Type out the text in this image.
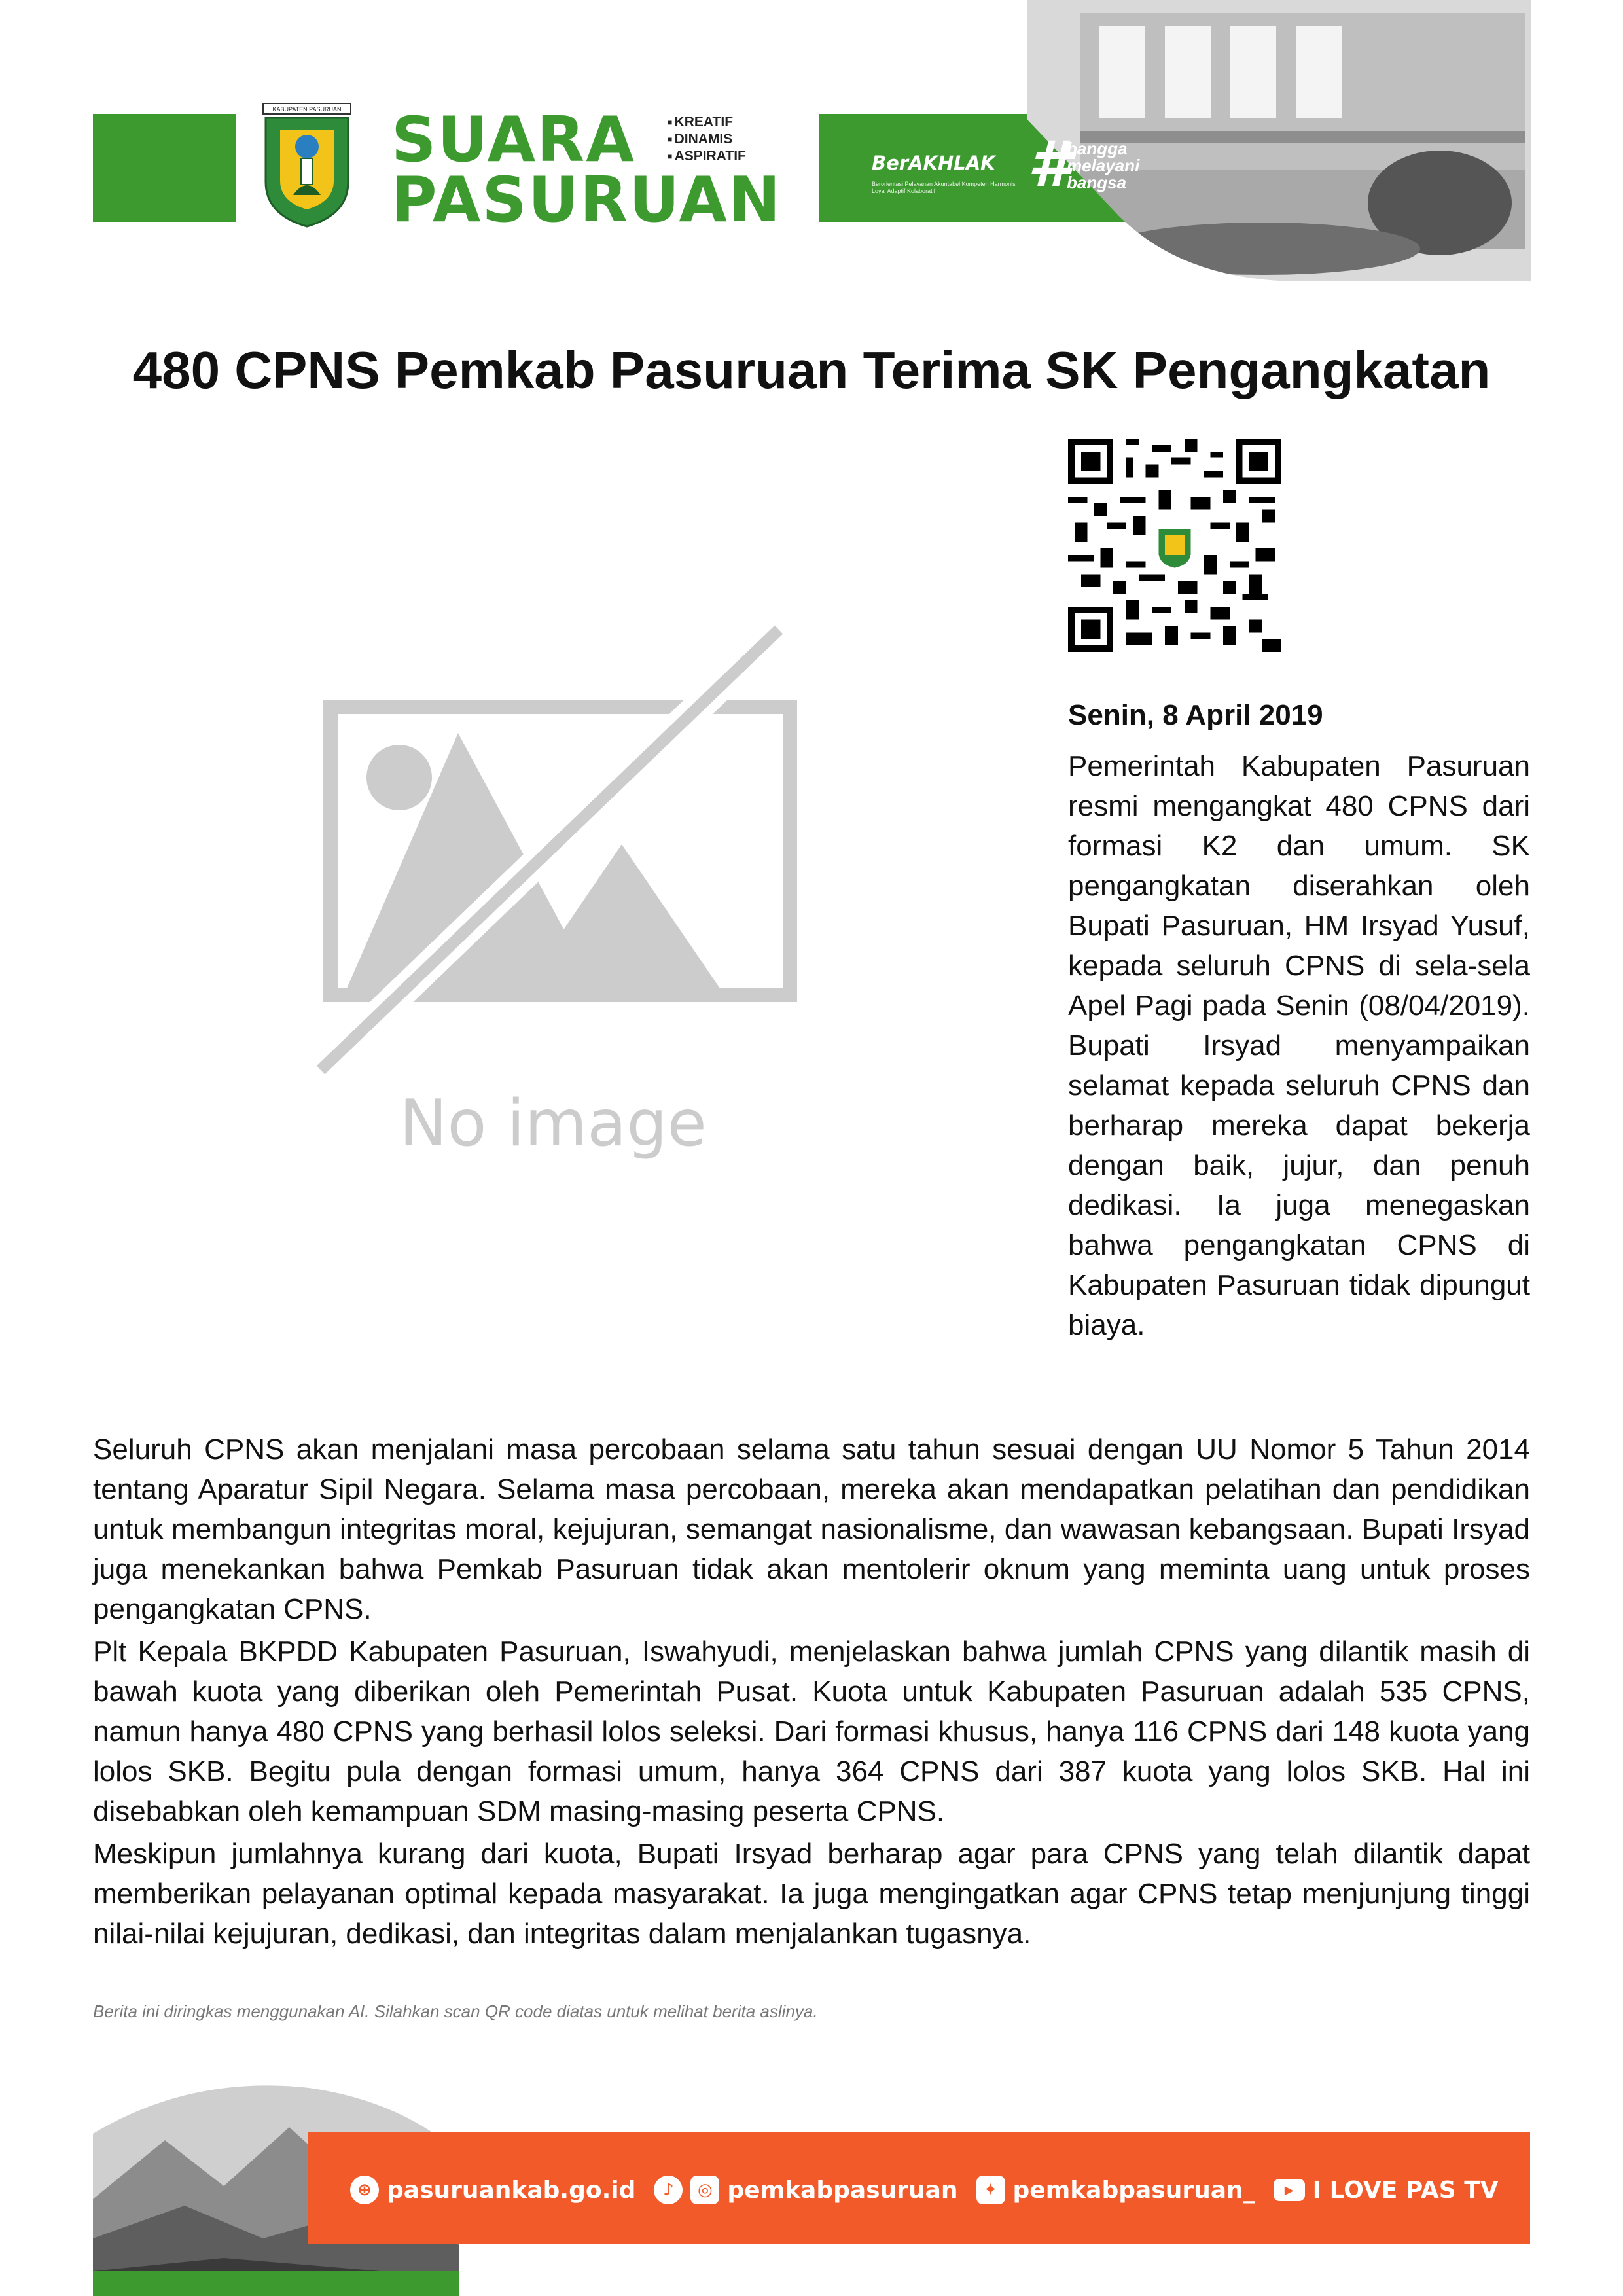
KABUPATEN PASURUAN SUARA
PASURUAN
■ KREATIF
■ DINAMIS
■ ASPIRATIF	BerAKHLAK
Berorientasi Pelayanan Akuntabel Kompeten Harmonis Loyal Adaptif Kolaboratif	#
bangga
melayani
bangsa
480 CPNS Pemkab Pasuruan Terima SK Pengangkatan
No image
Senin, 8 April 2019

Pemerintah Kabupaten Pasuruan resmi mengangkat 480 CPNS dari formasi K2 dan umum. SK pengangkatan diserahkan oleh Bupati Pasuruan, HM Irsyad Yusuf, kepada seluruh CPNS di sela-sela Apel Pagi pada Senin (08/04/2019). Bupati Irsyad menyampaikan selamat kepada seluruh CPNS dan berharap mereka dapat bekerja dengan baik, jujur, dan penuh dedikasi. Ia juga menegaskan bahwa pengangkatan CPNS di Kabupaten Pasuruan tidak dipungut biaya.

Seluruh CPNS akan menjalani masa percobaan selama satu tahun sesuai dengan UU Nomor 5 Tahun 2014 tentang Aparatur Sipil Negara. Selama masa percobaan, mereka akan mendapatkan pelatihan dan pendidikan untuk membangun integritas moral, kejujuran, semangat nasionalisme, dan wawasan kebangsaan. Bupati Irsyad juga menekankan bahwa Pemkab Pasuruan tidak akan mentolerir oknum yang meminta uang untuk proses pengangkatan CPNS.

Plt Kepala BKPDD Kabupaten Pasuruan, Iswahyudi, menjelaskan bahwa jumlah CPNS yang dilantik masih di bawah kuota yang diberikan oleh Pemerintah Pusat. Kuota untuk Kabupaten Pasuruan adalah 535 CPNS, namun hanya 480 CPNS yang berhasil lolos seleksi. Dari formasi khusus, hanya 116 CPNS dari 148 kuota yang lolos SKB. Begitu pula dengan formasi umum, hanya 364 CPNS dari 387 kuota yang lolos SKB. Hal ini disebabkan oleh kemampuan SDM masing-masing peserta CPNS.

Meskipun jumlahnya kurang dari kuota, Bupati Irsyad berharap agar para CPNS yang telah dilantik dapat memberikan pelayanan optimal kepada masyarakat. Ia juga mengingatkan agar CPNS tetap menjunjung tinggi nilai-nilai kejujuran, dedikasi, dan integritas dalam menjalankan tugasnya.

Berita ini diringkas menggunakan AI. Silahkan scan QR code diatas untuk melihat berita aslinya.
⊕ pasuruankab.go.id	♪	◎ pemkabpasuruan	✦ pemkabpasuruan_	▶ I LOVE PAS TV
